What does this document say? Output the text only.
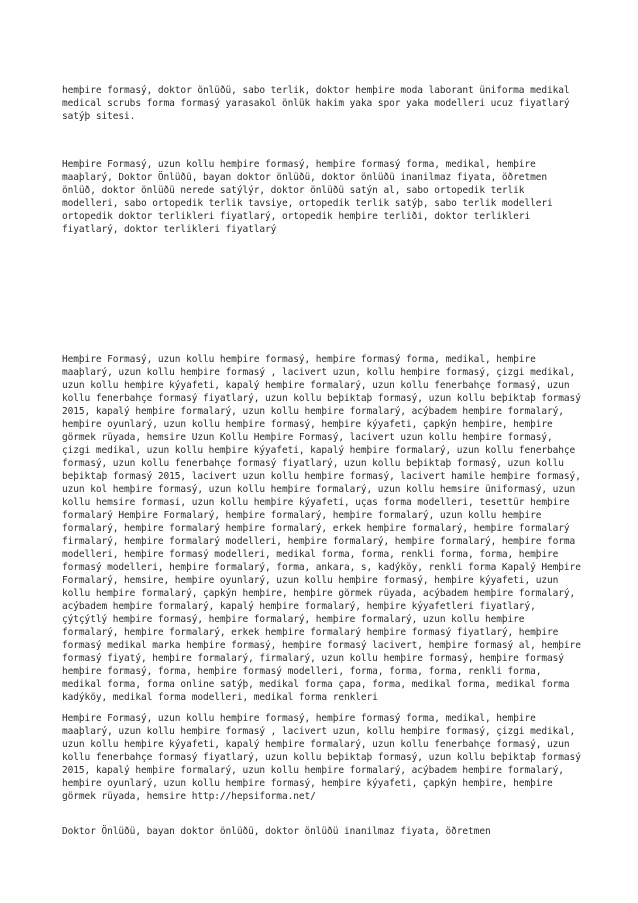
hemþire formasý, doktor önlüðü, sabo terlik, doktor hemþire moda laborant üniforma medikal medical scrubs forma formasý yarasakol önlük hakim yaka spor yaka modelleri ucuz fiyatlarý satýþ sitesi.

Hemþire Formasý, uzun kollu hemþire formasý, hemþire formasý forma, medikal, hemþire maaþlarý, Doktor Önlüðü, bayan doktor önlüðü, doktor önlüðü inanilmaz fiyata, öðretmen önlüð, doktor önlüðü nerede satýlýr, doktor önlüðü satýn al, sabo ortopedik terlik modelleri, sabo ortopedik terlik tavsiye, ortopedik terlik satýþ, sabo terlik modelleri ortopedik doktor terlikleri fiyatlarý, ortopedik hemþire terliði, doktor terlikleri fiyatlarý, doktor terlikleri fiyatlarý

Hemþire Formasý, uzun kollu hemþire formasý, hemþire formasý forma, medikal, hemþire maaþlarý, uzun kollu hemþire formasý , lacivert uzun, kollu hemþire formasý, çizgi medikal, uzun kollu hemþire kýyafeti, kapalý hemþire formalarý, uzun kollu fenerbahçe formasý, uzun kollu fenerbahçe formasý fiyatlarý, uzun kollu beþiktaþ formasý, uzun kollu beþiktaþ formasý 2015, kapalý hemþire formalarý, uzun kollu hemþire formalarý, acýbadem hemþire formalarý, hemþire oyunlarý, uzun kollu hemþire formasý, hemþire kýyafeti, çapkýn hemþire, hemþire görmek rüyada, hemsire Uzun Kollu Hemþire Formasý, lacivert uzun kollu hemþire formasý, çizgi medikal, uzun kollu hemþire kýyafeti, kapalý hemþire formalarý, uzun kollu fenerbahçe formasý, uzun kollu fenerbahçe formasý fiyatlarý, uzun kollu beþiktaþ formasý, uzun kollu beþiktaþ formasý 2015, lacivert uzun kollu hemþire formasý, lacivert hamile hemþire formasý, uzun kol hemþire formasý, uzun kollu hemþire formalarý, uzun kollu hemsire üniformasý, uzun kollu hemsire formasi, uzun kollu hemþire kýyafeti, uças forma modelleri, tesettür hemþire formalarý Hemþire Formalarý, hemþire formalarý, hemþire formalarý, uzun kollu hemþire formalarý, hemþire formalarý hemþire formalarý, erkek hemþire formalarý, hemþire formalarý firmalarý, hemþire formalarý modelleri, hemþire formalarý, hemþire formalarý, hemþire forma modelleri, hemþire formasý modelleri, medikal forma, forma, renkli forma, forma, hemþire formasý modelleri, hemþire formalarý, forma, ankara, s, kadýköy, renkli forma Kapalý Hemþire Formalarý, hemsire, hemþire oyunlarý, uzun kollu hemþire formasý, hemþire kýyafeti, uzun kollu hemþire formalarý, çapkýn hemþire, hemþire görmek rüyada, acýbadem hemþire formalarý, acýbadem hemþire formalarý, kapalý hemþire formalarý, hemþire kýyafetleri fiyatlarý, çýtçýtlý hemþire formasý, hemþire formalarý, hemþire formalarý, uzun kollu hemþire formalarý, hemþire formalarý, erkek hemþire formalarý hemþire formasý fiyatlarý, hemþire formasý medikal marka hemþire formasý, hemþire formasý lacivert, hemþire formasý al, hemþire formasý fiyatý, hemþire formalarý, firmalarý, uzun kollu hemþire formasý, hemþire formasý hemþire formasý, forma, hemþire formasý modelleri, forma, forma, forma, renkli forma, medikal forma, forma online satýþ, medikal forma çapa, forma, medikal forma, medikal forma kadýköy, medikal forma modelleri, medikal forma renkleri

Hemþire Formasý, uzun kollu hemþire formasý, hemþire formasý forma, medikal, hemþire maaþlarý, uzun kollu hemþire formasý , lacivert uzun, kollu hemþire formasý, çizgi medikal, uzun kollu hemþire kýyafeti, kapalý hemþire formalarý, uzun kollu fenerbahçe formasý, uzun kollu fenerbahçe formasý fiyatlarý, uzun kollu beþiktaþ formasý, uzun kollu beþiktaþ formasý 2015, kapalý hemþire formalarý, uzun kollu hemþire formalarý, acýbadem hemþire formalarý, hemþire oyunlarý, uzun kollu hemþire formasý, hemþire kýyafeti, çapkýn hemþire, hemþire görmek rüyada, hemsire http://hepsiforma.net/

Doktor Önlüðü, bayan doktor önlüðü, doktor önlüðü inanilmaz fiyata, öðretmen
